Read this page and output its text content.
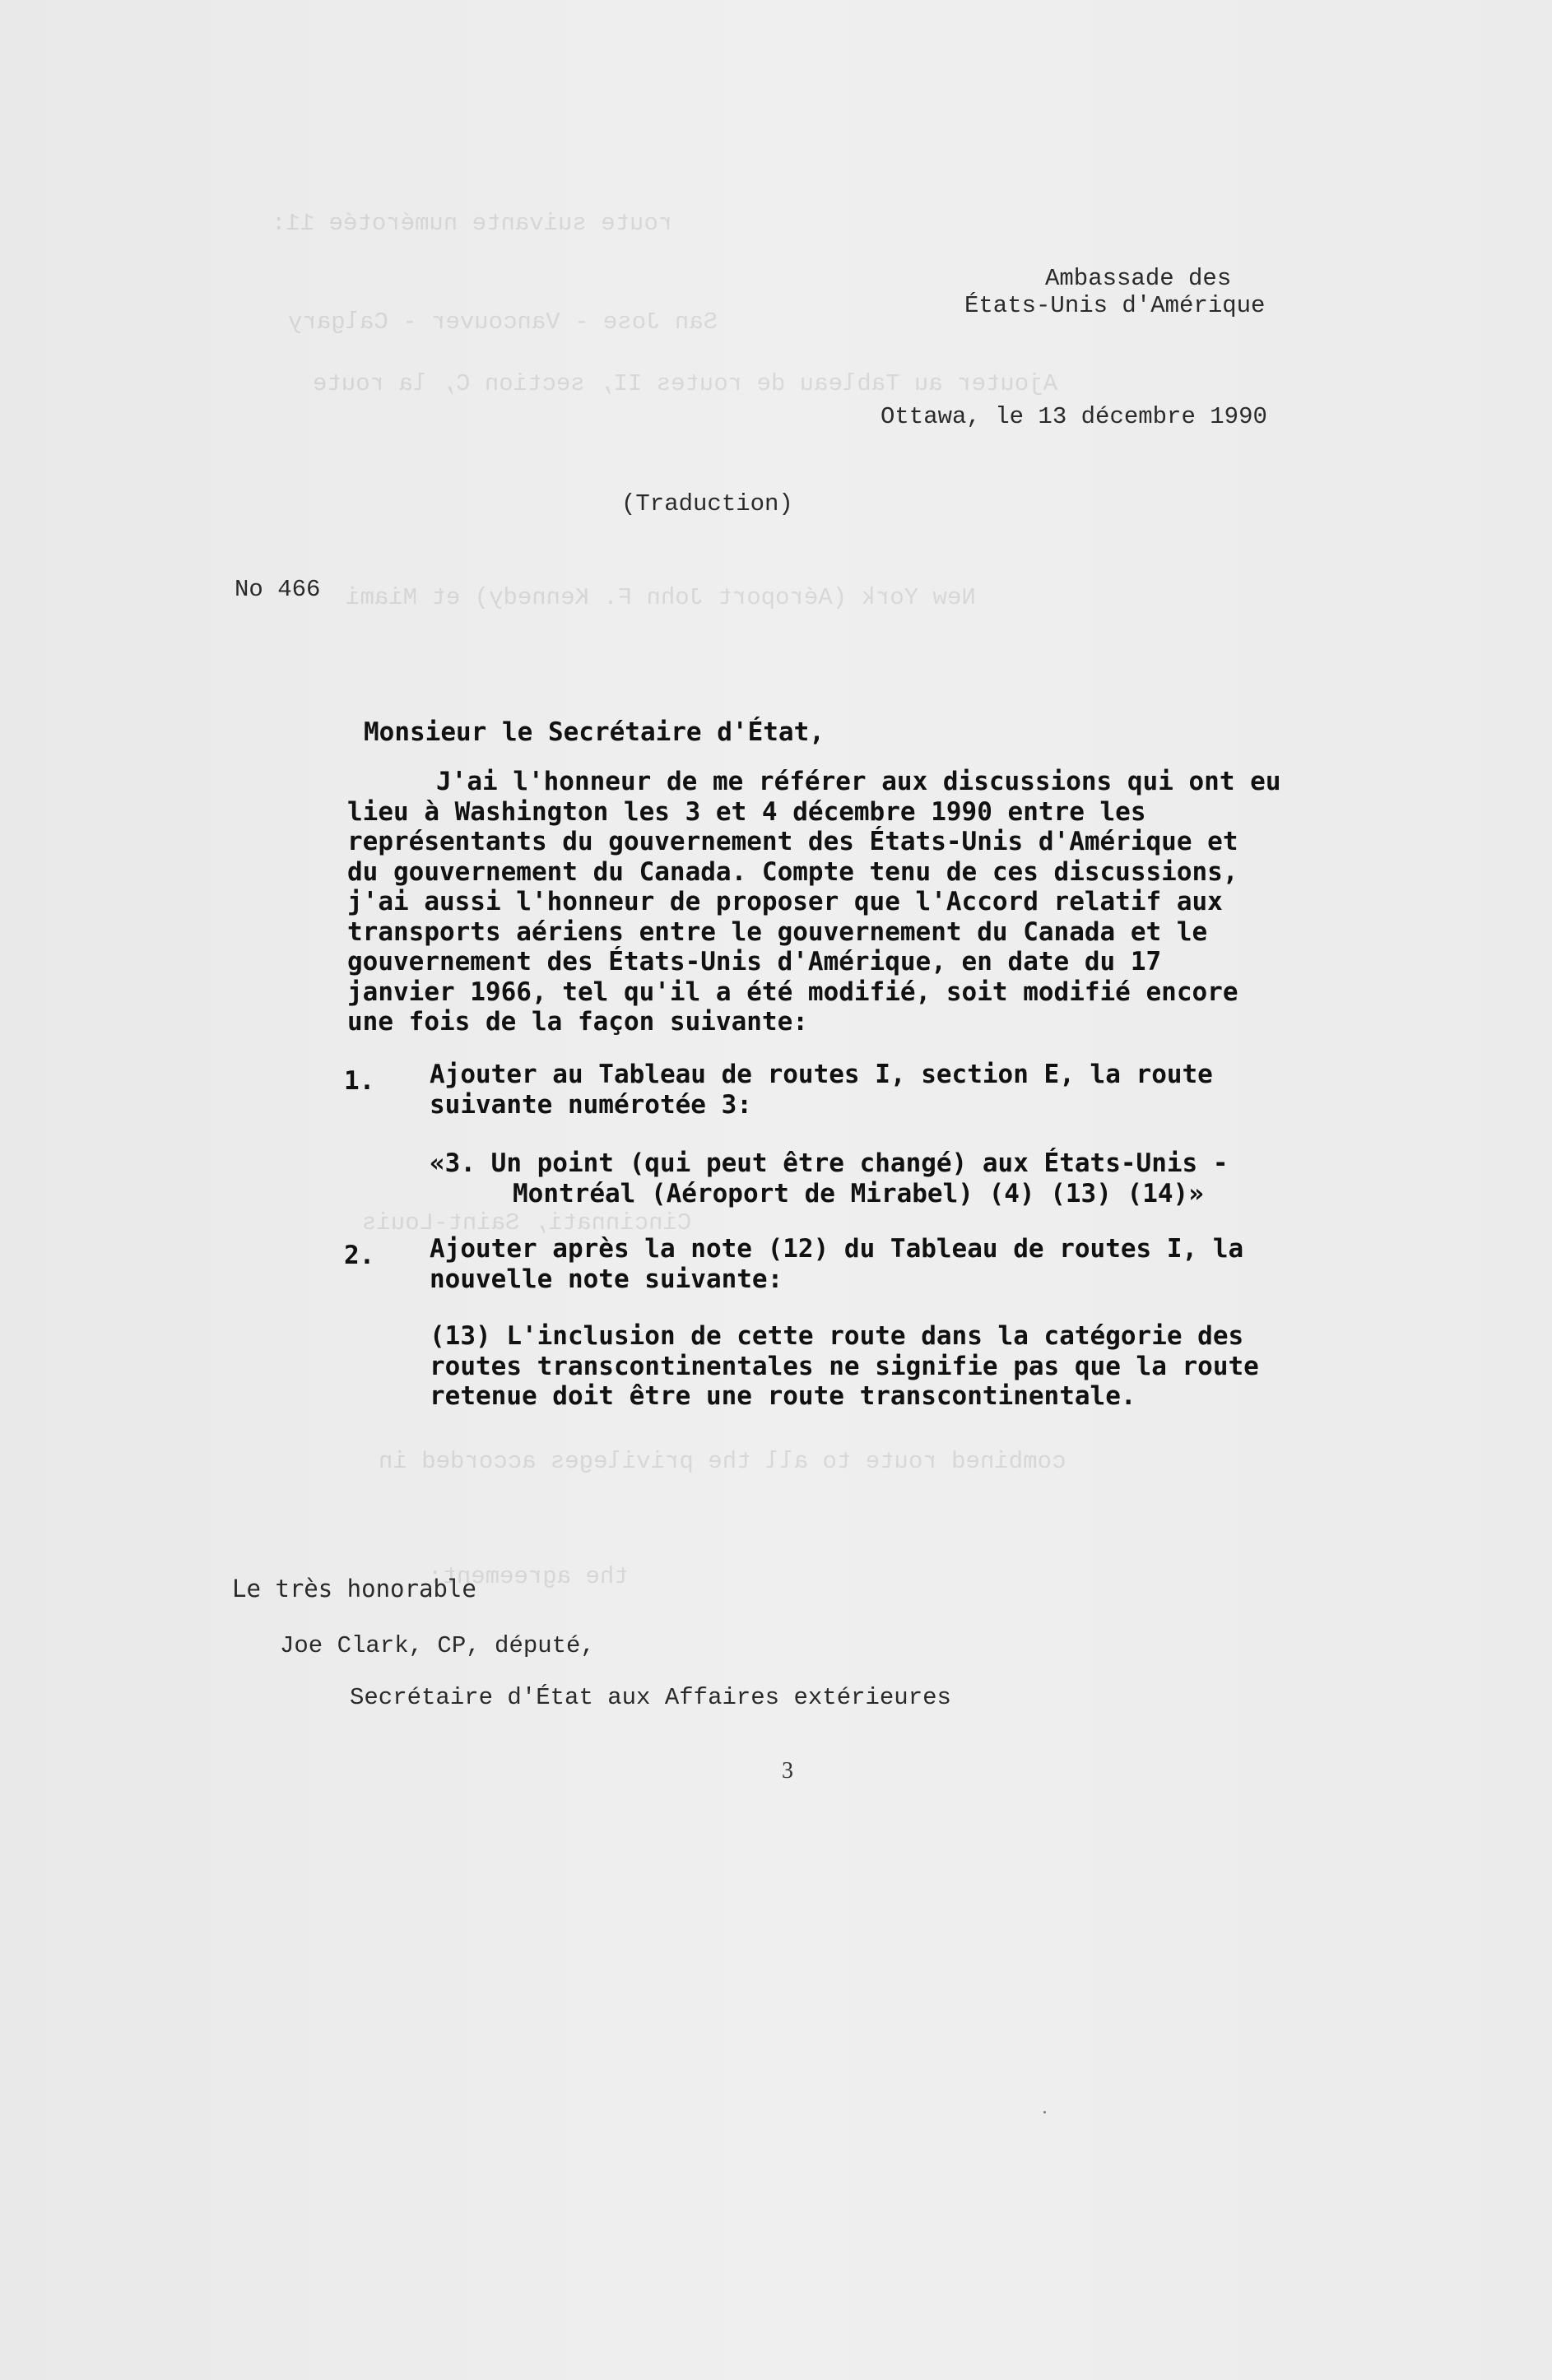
route suivante numérotée 11:
San Jose - Vancouver - Calgary
Ajouter au Tableau de routes II, section C, la route
New York (Aéroport John F. Kennedy) et Miami
Cincinnati, Saint-Louis
combined route to all the privileges accorded in
the agreement:
Ambassade des
États-Unis d'Amérique
Ottawa, le 13 décembre 1990
(Traduction)
No 466
Monsieur le Secrétaire d'État,
J'ai l'honneur de me référer aux discussions qui ont eu
lieu à Washington les 3 et 4 décembre 1990 entre les
représentants du gouvernement des États-Unis d'Amérique et
du gouvernement du Canada. Compte tenu de ces discussions,
j'ai aussi l'honneur de proposer que l'Accord relatif aux
transports aériens entre le gouvernement du Canada et le
gouvernement des États-Unis d'Amérique, en date du 17
janvier 1966, tel qu'il a été modifié, soit modifié encore
une fois de la façon suivante:
1. Ajouter au Tableau de routes I, section E, la route
suivante numérotée 3:
«3. Un point (qui peut être changé) aux États-Unis -
Montréal (Aéroport de Mirabel) (4) (13) (14)»
2. Ajouter après la note (12) du Tableau de routes I, la
nouvelle note suivante:
(13) L'inclusion de cette route dans la catégorie des
routes transcontinentales ne signifie pas que la route
retenue doit être une route transcontinentale.
Le très honorable
Joe Clark, CP, député,
Secrétaire d'État aux Affaires extérieures
3
